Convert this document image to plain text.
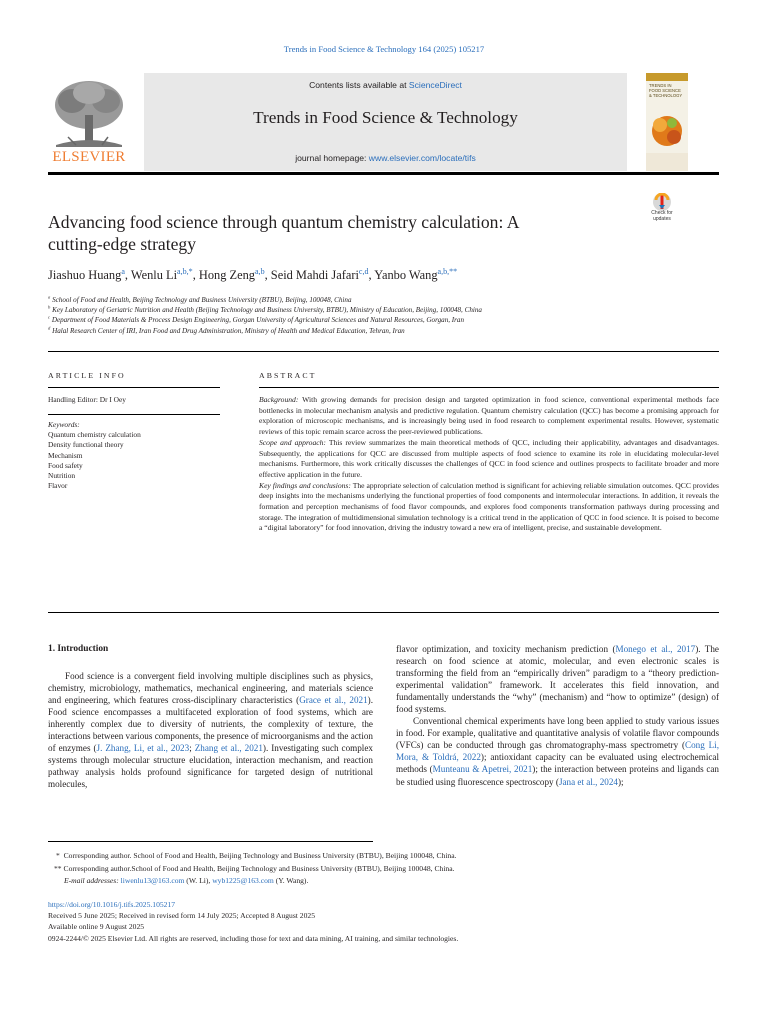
Trends in Food Science & Technology 164 (2025) 105217
Contents lists available at ScienceDirect
Trends in Food Science & Technology
journal homepage: www.elsevier.com/locate/tifs
ELSEVIER
TRENDS IN
FOOD SCIENCE
& TECHNOLOGY
Check for
updates
Advancing food science through quantum chemistry calculation: A
cutting-edge strategy
Jiashuo Huang$^a$, Wenlu $Li^{a,b,*}$, Hong Zeng$^{a,b}$, Seid Mahdi Jafari$^{c,d}$, Yanbo Wang$^{a,b,**}$
$^a$ School of Food and Health, Beijing Technology and Business University (BTBU), Beijing, 100048, China
$^b$ Key Laboratory of Geriatric Nutrition and Health (Beijing Technology and Business University, BTBU), Ministry of Education, Beijing, 100048, China
$^c$ Department of Food Materials & Process Design Engineering, Gorgan University of Agricultural Sciences and Natural Resources, Gorgan, Iran
$^d$ Halal Research Center of IRI, Iran Food and Drug Administration, Ministry of Health and Medical Education, Tehran, Iran
ARTICLE INFO
Handling Editor: Dr I Oey
Keywords:
Quantum chemistry calculation
Density functional theory
Mechanism
Food safety
Nutrition
Flavor
ABSTRACT

Background: With growing demands for precision design and targeted optimization in food science, conventional experimental methods face bottlenecks in molecular mechanism analysis and predictive regulation. Quantum chemistry calculation (QCC) has become a promising approach for exploration of microscopic mechanisms, and is increasingly being used in food research to complement experimental results. However, systematic reviews of this topic remain scarce across the peer-reviewed publications.

Scope and approach: This review summarizes the main theoretical methods of QCC, including their applicability, advantages and disadvantages. Subsequently, the applications for QCC are discussed from multiple aspects of food science to examine its role in elucidating molecular-level mechanisms. Furthermore, this work critically discusses the challenges of QCC in food science and outlines prospects to facilitate broader and more effective application in the future.

Key findings and conclusions: The appropriate selection of calculation method is significant for achieving reliable simulation outcomes. QCC provides deep insights into the mechanisms underlying the functional properties of food components and intermolecular interactions. In addition, it reveals the formation and perception mechanisms of food flavor compounds, and explores food components transformation pathways during processing and storage. The integration of multidimensional simulation technology is a critical trend in the application of QCC in food science. It is poised to become a “digital laboratory” for food innovation, driving the industry toward a new era of intelligent, precise, and sustainable development.

1. Introduction

Food science is a convergent field involving multiple disciplines such as physics, chemistry, microbiology, mathematics, mechanical engineering, and materials science and engineering, which features cross-disciplinary characteristics (Grace et al., 2021). Food science encompasses a multifaceted exploration of food systems, which are inherently complex due to diversity of nutrients, the complexity of texture, the interactions between various components, the presence of microorganisms and the action of enzymes (J. Zhang, Li, et al., 2023; Zhang et al., 2021). Investigating such complex systems through molecular structure elucidation, interaction mechanism, and reaction pathway analysis holds profound significance for targeted design of nutritional molecules,

flavor optimization, and toxicity mechanism prediction (Monego et al., 2017). The research on food science at atomic, molecular, and even electronic scales is transforming the field from an “empirically driven” paradigm to a “theory prediction-experimental validation” framework. It accelerates this field innovation, and fundamentally understands the “why” (mechanism) and “how to optimize” (design) of food systems.

Conventional chemical experiments have long been applied to study various issues in food. For example, qualitative and quantitative analysis of volatile flavor compounds (VFCs) can be conducted through gas chromatography-mass spectrometry (Cong Li, Mora, & Toldrá, 2022); antioxidant capacity can be evaluated using electrochemical methods (Munteanu & Apetrei, 2021); the interaction between proteins and ligands can be studied using fluorescence spectroscopy (Jana et al., 2024);

*  Corresponding author. School of Food and Health, Beijing Technology and Business University (BTBU), Beijing 100048, China.
** Corresponding author.School of Food and Health, Beijing Technology and Business University (BTBU), Beijing 100048, China.
E-mail addresses: liwenlu13@163.com (W. Li), wyb1225@163.com (Y. Wang).
https://doi.org/10.1016/j.tifs.2025.105217
Received 5 June 2025; Received in revised form 14 July 2025; Accepted 8 August 2025
Available online 9 August 2025
0924-2244/© 2025 Elsevier Ltd. All rights are reserved, including those for text and data mining, AI training, and similar technologies.
